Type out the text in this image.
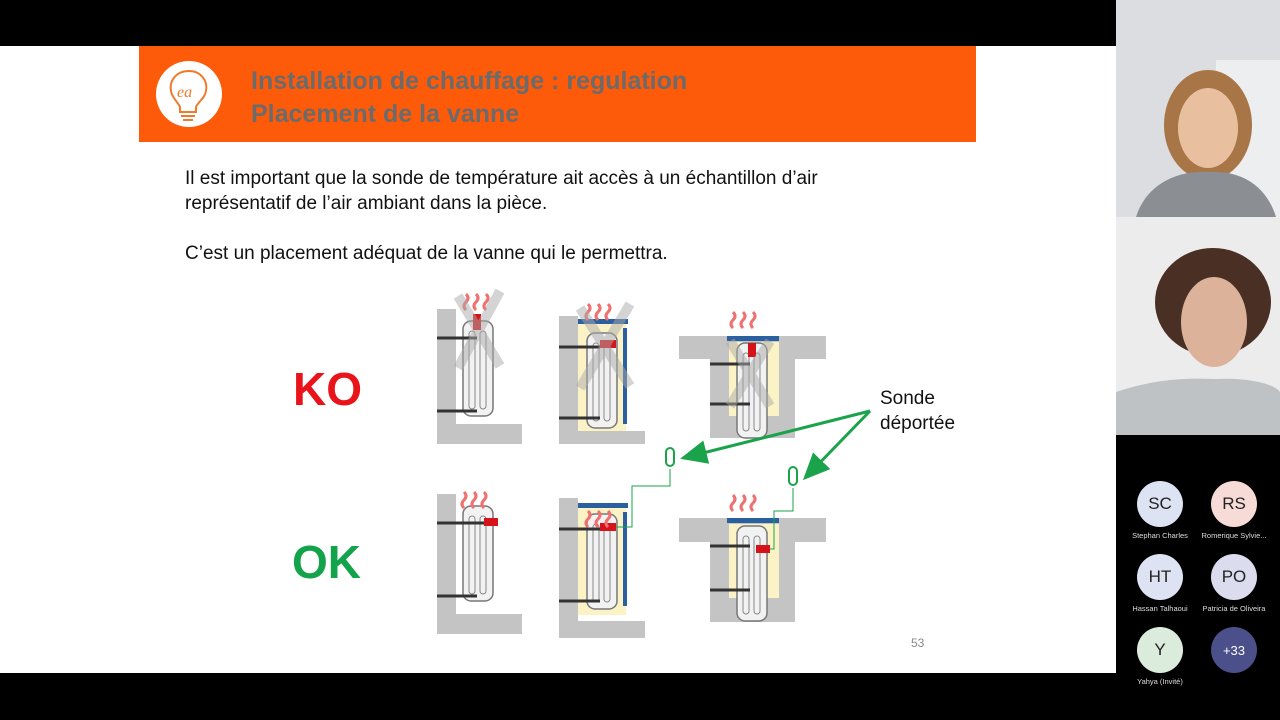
ea Installation de chauffage : regulation
Placement de la vanne
Il est important que la sonde de température ait accès à un échantillon d’air
représentatif de l’air ambiant dans la pièce.
C’est un placement adéquat de la vanne qui le permettra.
KO
OK
Sonde
déportée
53
SC
Stephan Charles
RS
Romerique Sylvie...
HT
Hassan Talhaoui
PO
Patricia de Oliveira
Y
Yahya (Invité)
+33
